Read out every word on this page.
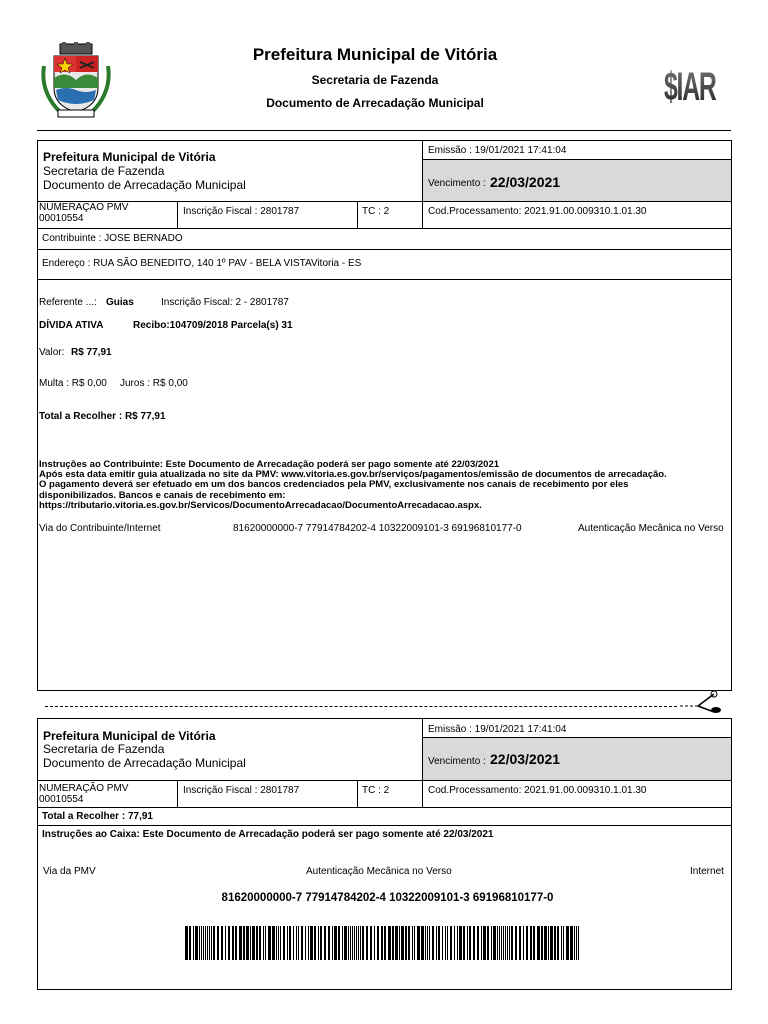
Prefeitura Municipal de Vitória
Secretaria de Fazenda
Documento de Arrecadação Municipal	$IAR
Prefeitura Municipal de Vitória
Secretaria de Fazenda
Documento de Arrecadação Municipal
Emissão : 19/01/2021 17:41:04
Vencimento : 22/03/2021
NUMERAÇÃO PMV
00010554
Inscrição Fiscal : 2801787	TC : 2	Cod.Processamento: 2021.91.00.009310.1.01.30
Contribuinte : JOSE BERNADO
Endereço : RUA SÃO BENEDITO, 140 1º PAV - BELA VISTAVitoria - ES
Referente ...: Guias	Inscrição Fiscal: 2 - 2801787
DÍVIDA ATIVA	Recibo:104709/2018 Parcela(s) 31
Valor: R$ 77,91
Multa : R$ 0,00 Juros : R$ 0,00
Total a Recolher : R$ 77,91
Instruções ao Contribuinte: Este Documento de Arrecadação poderá ser pago somente até 22/03/2021
Após esta data emitir guia atualizada no site da PMV: www.vitoria.es.gov.br/serviços/pagamentos/emissão de documentos de arrecadação.
O pagamento deverá ser efetuado em um dos bancos credenciados pela PMV, exclusivamente nos canais de recebimento por eles
disponibilizados. Bancos e canais de recebimento em:
https://tributario.vitoria.es.gov.br/Servicos/DocumentoArrecadacao/DocumentoArrecadacao.aspx.
Via do Contribuinte/Internet	81620000000-7 77914784202-4 10322009101-3 69196810177-0	Autenticação Mecânica no Verso
Prefeitura Municipal de Vitória
Secretaria de Fazenda
Documento de Arrecadação Municipal
Emissão : 19/01/2021 17:41:04
Vencimento : 22/03/2021
NUMERAÇÃO PMV
00010554
Inscrição Fiscal : 2801787	TC : 2	Cod.Processamento: 2021.91.00.009310.1.01.30
Total a Recolher : 77,91
Instruções ao Caixa: Este Documento de Arrecadação poderá ser pago somente até 22/03/2021
Via da PMV	Autenticação Mecânica no Verso	Internet
81620000000-7 77914784202-4 10322009101-3 69196810177-0
